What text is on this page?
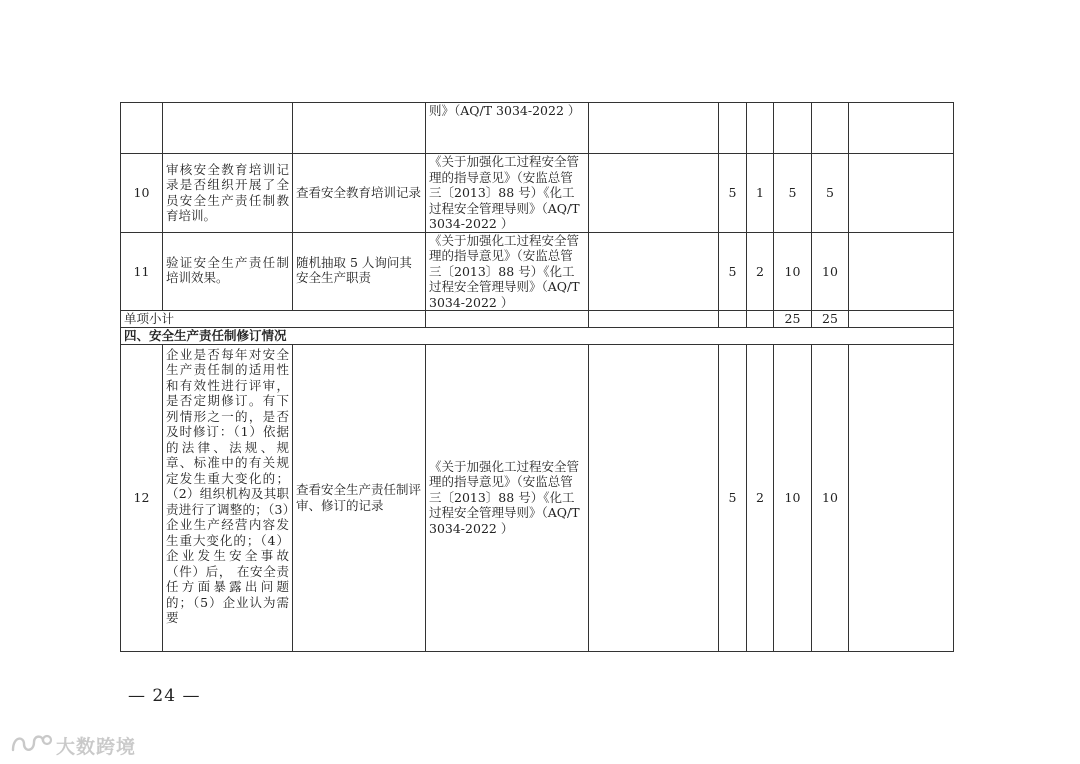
			则》（AQ/T 3034-2022 ）						
10	审核安全教育培训记录是否组织开展了全员安全生产责任制教育培训。	查看安全教育培训记录	《关于加强化工过程安全管理的指导意见》（安监总管三〔2013〕88 号）《化工过程安全管理导则》（AQ/T 3034-2022 ）		5	1	5	5	
11	验证安全生产责任制培训效果。	随机抽取 5 人询问其安全生产职责	《关于加强化工过程安全管理的指导意见》（安监总管三〔2013〕88 号）《化工过程安全管理导则》（AQ/T 3034-2022 ）		5	2	10	10	
单项小计							25	25	
四、安全生产责任制修订情况									
12	企业是否每年对安全生产责任制的适用性和有效性进行评审，是否定期修订。有下列情形之一的，是否及时修订：（1）依据的法律、法规、规章、标准中的有关规定发生重大变化的；（2）组织机构及其职责进行了调整的；（3）企业生产经营内容发生重大变化的；（4）企业发生安全事故（件）后， 在安全责任方面暴露出问题的；（5）企业认为需要	查看安全生产责任制评审、修订的记录	《关于加强化工过程安全管理的指导意见》（安监总管三〔2013〕88 号）《化工过程安全管理导则》（AQ/T 3034-2022 ）		5	2	10	10	
— 24 —
大数跨境
